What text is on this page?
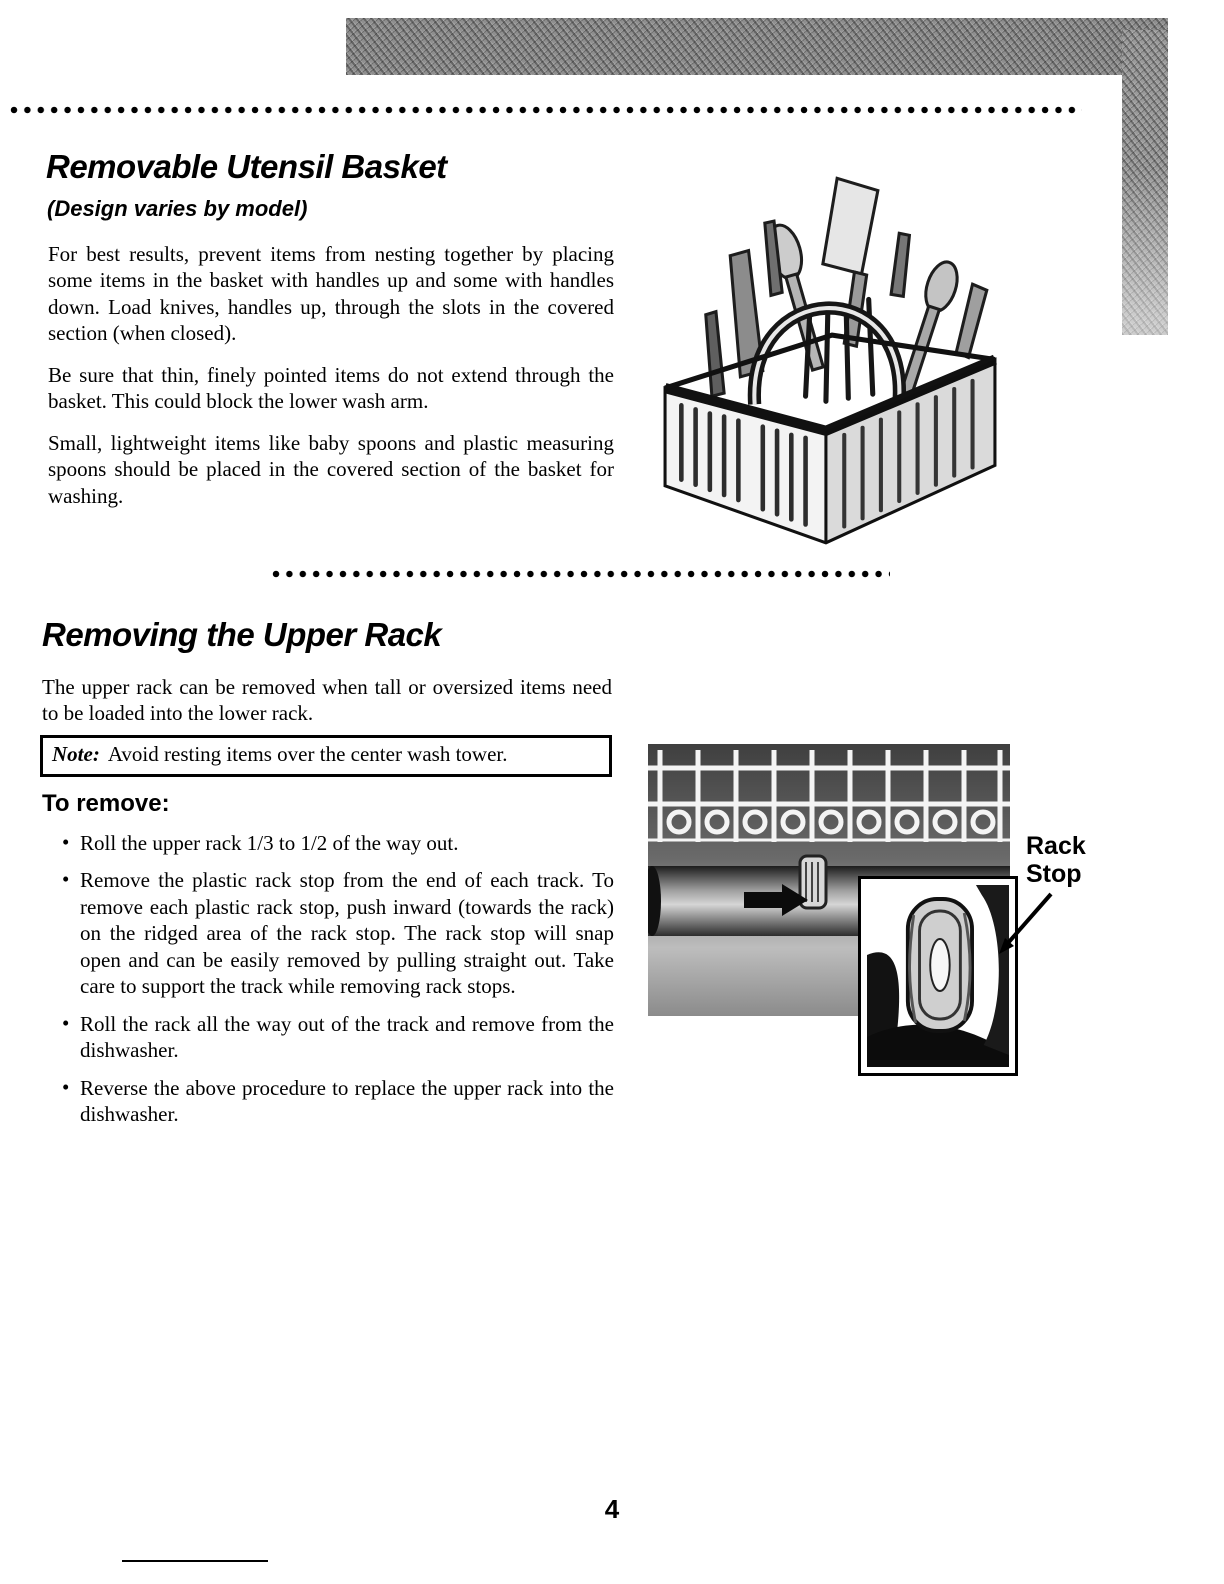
Removable Utensil Basket
(Design varies by model)

For best results, prevent items from nesting together by placing some items in the basket with handles up and some with handles down. Load knives, handles up, through the slots in the covered section (when closed).

Be sure that thin, finely pointed items do not extend through the basket. This could block the lower wash arm.

Small, lightweight items like baby spoons and plastic measuring spoons should be placed in the covered section of the basket for washing.

Removing the Upper Rack

The upper rack can be removed when tall or oversized items need to be loaded into the lower rack.

Note: Avoid resting items over the center wash tower.
To remove:
• Roll the upper rack 1/3 to 1/2 of the way out.
• Remove the plastic rack stop from the end of each track. To remove each plastic rack stop, push inward (towards the rack) on the ridged area of the rack stop. The rack stop will snap open and can be easily removed by pulling straight out. Take care to support the track while removing rack stops.
• Roll the rack all the way out of the track and remove from the dishwasher.
• Reverse the above procedure to replace the upper rack into the dishwasher.
Rack
Stop
4
